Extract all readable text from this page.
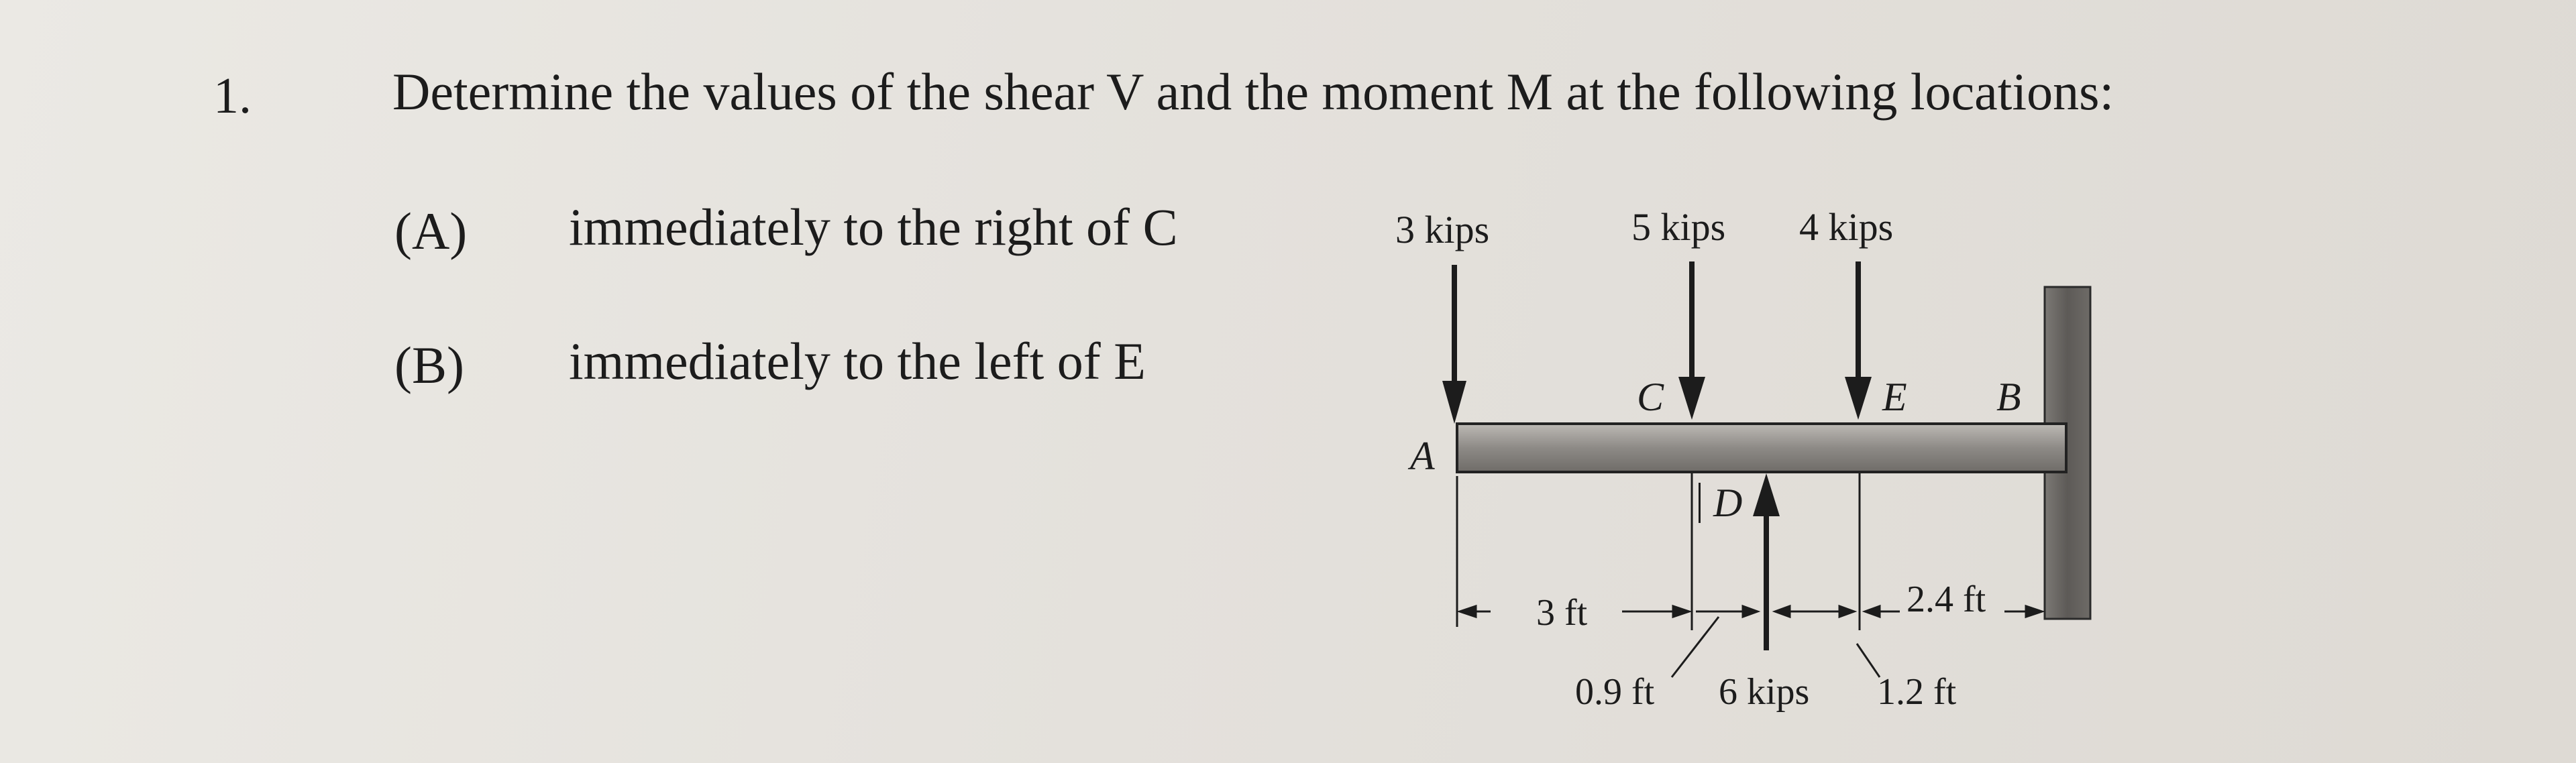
1.	Determine the values of the shear V and the moment M at the following locations:
(A) immediately to the right of C
(B) immediately to the left of E
3 kips	5 kips 4 kips
A
C
D
E B
3 ft
0.9 ft 6 kips 1.2 ft
2.4 ft
